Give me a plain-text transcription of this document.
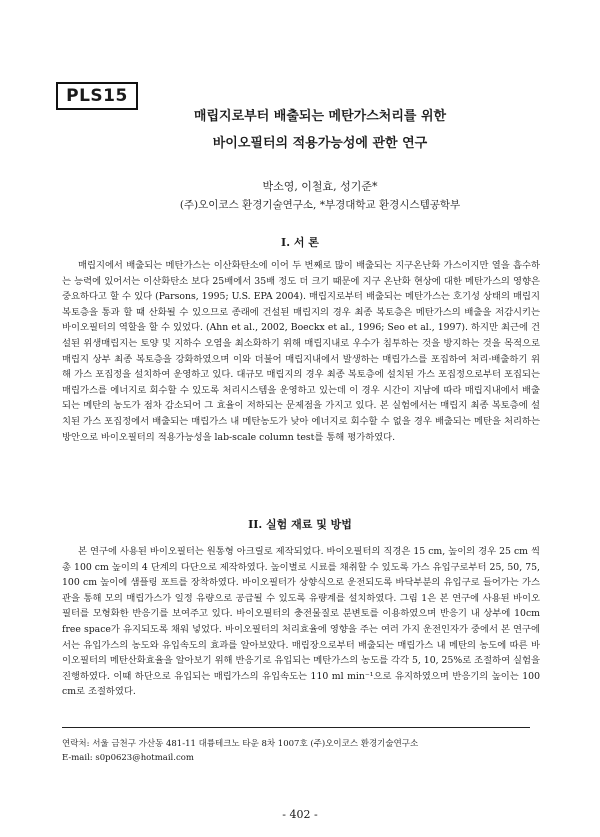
PLS15
매립지로부터 배출되는 메탄가스처리를 위한
바이오필터의 적용가능성에 관한 연구
박소영, 이철효, 성기준*
(주)오이코스 환경기술연구소, *부경대학교 환경시스템공학부
I. 서 론
매립지에서 배출되는 메탄가스는 이산화탄소에 이어 두 번째로 많이 배출되는 지구온난화 가스이지만 열을 흡수하는 능력에 있어서는 이산화탄소 보다 25배에서 35배 정도 더 크기 때문에 지구 온난화 현상에 대한 메탄가스의 영향은 중요하다고 할 수 있다 (Parsons, 1995; U.S. EPA 2004). 매립지로부터 배출되는 메탄가스는 호기성 상태의 매립지 복토층을 통과 할 때 산화될 수 있으므로 종래에 건설된 매립지의 경우 최종 복토층은 메탄가스의 배출을 저감시키는 바이오필터의 역할을 할 수 있었다. (Ahn et al., 2002, Boeckx et al., 1996; Seo et al., 1997). 하지만 최근에 건설된 위생매립지는 토양 및 지하수 오염을 최소화하기 위해 매립지내로 우수가 침투하는 것을 방지하는 것을 목적으로 매립지 상부 최종 복토층을 강화하였으며 이와 더불어 매립지내에서 발생하는 매립가스를 포집하여 처리·배출하기 위해 가스 포집정을 설치하여 운영하고 있다. 대규모 매립지의 경우 최종 복토층에 설치된 가스 포집정으로부터 포집되는 매립가스를 에너지로 회수할 수 있도록 처리시스템을 운영하고 있는데 이 경우 시간이 지남에 따라 매립지내에서 배출되는 메탄의 농도가 점차 감소되어 그 효율이 저하되는 문제점을 가지고 있다. 본 실험에서는 매립지 최종 복토층에 설치된 가스 포집정에서 배출되는 매립가스 내 메탄농도가 낮아 에너지로 회수할 수 없을 경우 배출되는 메탄을 처리하는 방안으로 바이오필터의 적용가능성을 lab-scale column test를 통해 평가하였다.
II. 실험 재료 및 방법
본 연구에 사용된 바이오필터는 원통형 아크릴로 제작되었다. 바이오필터의 직경은 15 cm, 높이의 경우 25 cm 씩 총 100 cm 높이의 4 단계의 다단으로 제작하였다. 높이별로 시료를 채취할 수 있도록 가스 유입구로부터 25, 50, 75, 100 cm 높이에 샘플링 포트를 장착하였다. 바이오필터가 상향식으로 운전되도록 바닥부분의 유입구로 들어가는 가스관을 통해 모의 매립가스가 일정 유량으로 공급될 수 있도록 유량계를 설치하였다. 그림 1은 본 연구에 사용된 바이오필터를 모형화한 반응기를 보여주고 있다. 바이오필터의 충전물질로 분변토를 이용하였으며 반응기 내 상부에 10cm free space가 유지되도록 채워 넣었다. 바이오필터의 처리효율에 영향을 주는 여러 가지 운전인자가 중에서 본 연구에서는 유입가스의 농도와 유입속도의 효과를 알아보았다. 매립장으로부터 배출되는 매립가스 내 메탄의 농도에 따른 바이오필터의 메탄산화효율을 알아보기 위해 반응기로 유입되는 메탄가스의 농도를 각각 5, 10, 25%로 조절하여 실험을 진행하였다. 이때 하단으로 유입되는 매립가스의 유입속도는 110 ml min⁻¹으로 유지하였으며 반응기의 높이는 100 cm로 조절하였다.
연락처: 서울 금천구 가산동 481-11 대륭테크노 타운 8차 1007호 (주)오이코스 환경기술연구소
E-mail: s0p0623@hotmail.com
- 402 -
